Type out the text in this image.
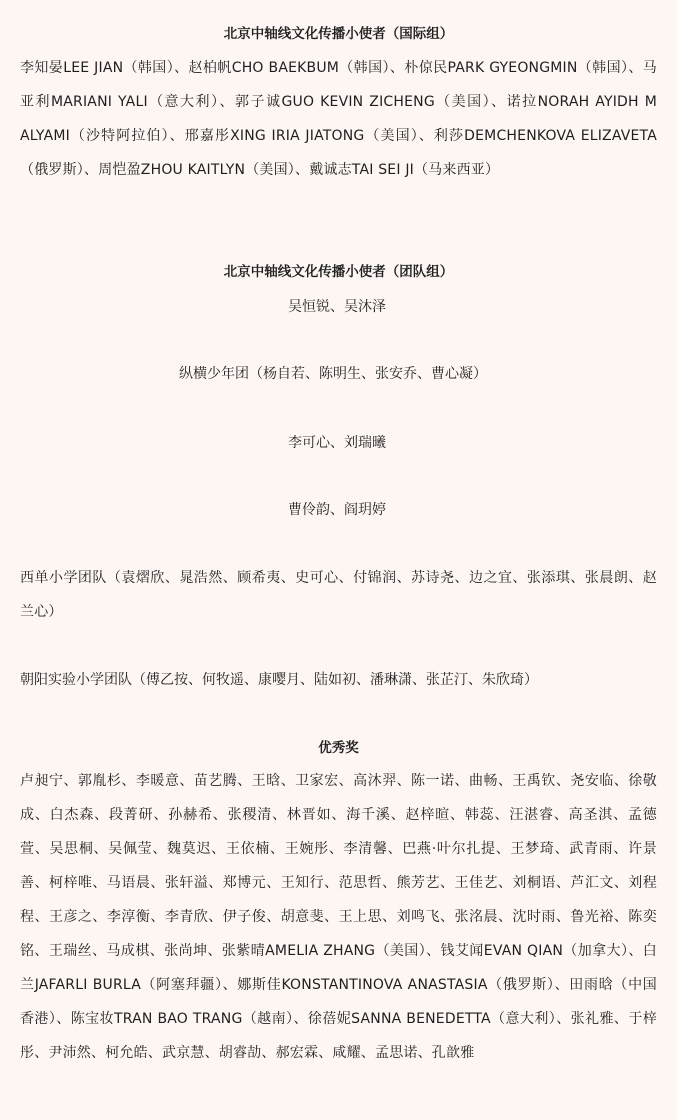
北京中轴线文化传播小使者（国际组）
李知晏LEE JIAN（韩国）、赵柏帆CHO BAEKBUM（韩国）、朴倞民PARK GYEONGMIN（韩国）、马亚利MARIANI YALI（意大利）、郭子诚GUO KEVIN ZICHENG（美国）、诺拉NORAH AYIDH M ALYAMI（沙特阿拉伯）、邢嘉彤XING IRIA JIATONG（美国）、利莎DEMCHENKOVA ELIZAVETA（俄罗斯）、周恺盈ZHOU KAITLYN（美国）、戴诚志TAI SEI JI（马来西亚）
北京中轴线文化传播小使者（团队组）
吴恒锐、吴沐泽
纵横少年团（杨自若、陈明生、张安乔、曹心凝）
李可心、刘瑞曦
曹伶韵、阎玥婷
西单小学团队（袁熠欣、晁浩然、顾希夷、史可心、付锦润、苏诗尧、边之宜、张添琪、张晨朗、赵兰心）
朝阳实验小学团队（傅乙按、何牧遥、康嘤月、陆如初、潘琳潇、张芷汀、朱欣琦）
优秀奖
卢昶宁、郭胤杉、李暖意、苗艺腾、王晗、卫家宏、高沐羿、陈一诺、曲畅、王禹钦、尧安临、徐敬成、白杰森、段菁研、孙赫希、张稷清、林晋如、海千溪、赵梓暄、韩蕊、汪湛睿、高圣淇、孟德萱、吴思桐、吴佩莹、魏莫迟、王依楠、王婉彤、李清馨、巴燕·叶尔扎提、王梦琦、武青雨、许景善、柯梓唯、马语晨、张轩溢、郑博元、王知行、范思哲、熊芳艺、王佳艺、刘桐语、芦汇文、刘程程、王彦之、李淳衡、李青欣、伊子俊、胡意斐、王上思、刘鸣飞、张洺晨、沈时雨、鲁光裕、陈奕铭、王瑞丝、马成棋、张尚坤、张紫晴AMELIA ZHANG（美国）、钱艾闻EVAN QIAN（加拿大）、白兰JAFARLI BURLA（阿塞拜疆）、娜斯佳KONSTANTINOVA ANASTASIA（俄罗斯）、田雨晗（中国香港）、陈宝妆TRAN BAO TRANG（越南）、徐蓓妮SANNA BENEDETTA（意大利）、张礼雅、于梓彤、尹沛然、柯允皓、武京慧、胡睿劼、郝宏霖、咸耀、孟思诺、孔歆雅
